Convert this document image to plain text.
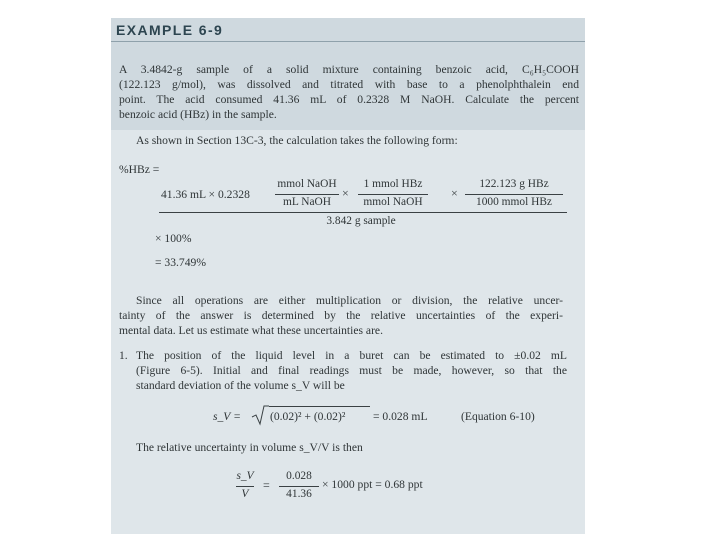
EXAMPLE 6-9
A 3.4842-g sample of a solid mixture containing benzoic acid, C₆H₅COOH
(122.123 g/mol), was dissolved and titrated with base to a phenolphthalein end
point. The acid consumed 41.36 mL of 0.2328 M NaOH. Calculate the percent
benzoic acid (HBz) in the sample.
As shown in Section 13C-3, the calculation takes the following form:
%HBz =
41.36 mL × 0.2328
mmol NaOH
mL NaOH
×
1 mmol HBz
mmol NaOH
×
122.123 g HBz
1000 mmol HBz
3.842 g sample
× 100%
= 33.749%
Since all operations are either multiplication or division, the relative uncer-
tainty of the answer is determined by the relative uncertainties of the experi-
mental data. Let us estimate what these uncertainties are.
1. The position of the liquid level in a buret can be estimated to ±0.02 mL
(Figure 6-5). Initial and final readings must be made, however, so that the
standard deviation of the volume s_V will be
s_V =	(0.02)² + (0.02)² = 0.028 mL	(Equation 6-10)
The relative uncertainty in volume s_V/V is then
s_V
V
=
0.028
41.36
× 1000 ppt = 0.68 ppt
